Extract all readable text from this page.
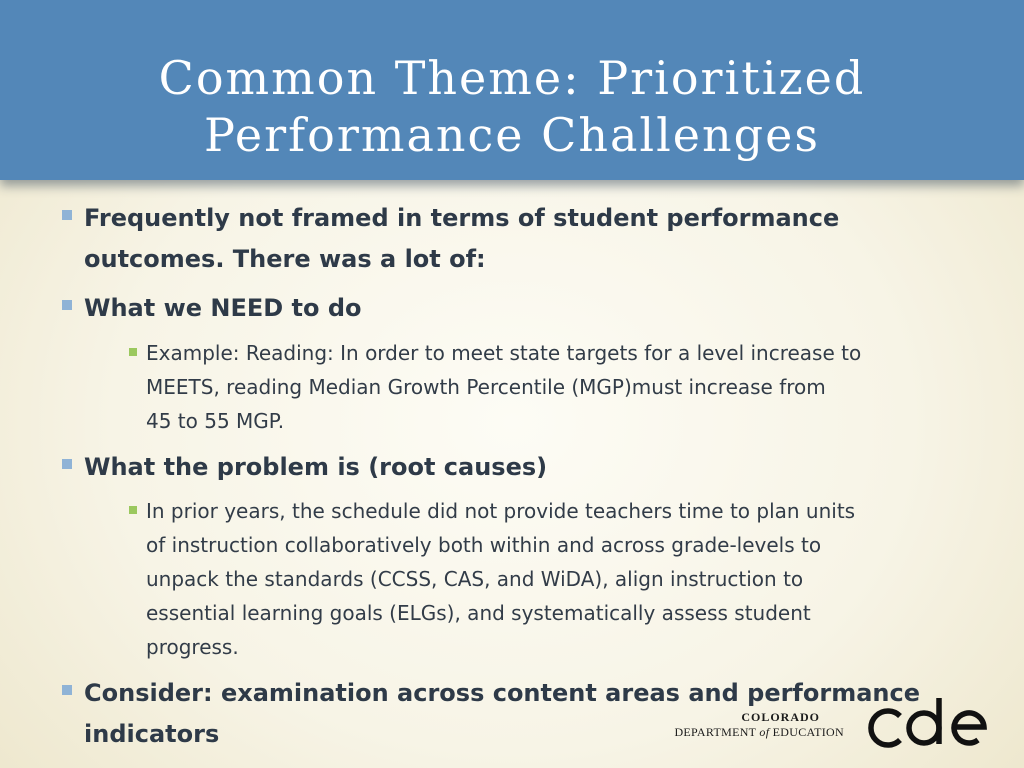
Common Theme: Prioritized
Performance Challenges

Frequently not framed in terms of student performance
outcomes. There was a lot of:

What we NEED to do

Example: Reading: In order to meet state targets for a level increase to
MEETS, reading Median Growth Percentile (MGP)must increase from
45 to 55 MGP.

What the problem is (root causes)

In prior years, the schedule did not provide teachers time to plan units
of instruction collaboratively both within and across grade-levels to
unpack the standards (CCSS, CAS, and WiDA), align instruction to
essential learning goals (ELGs), and systematically assess student
progress.

Consider: examination across content areas and performance
indicators

COLORADO
DEPARTMENT of EDUCATION
